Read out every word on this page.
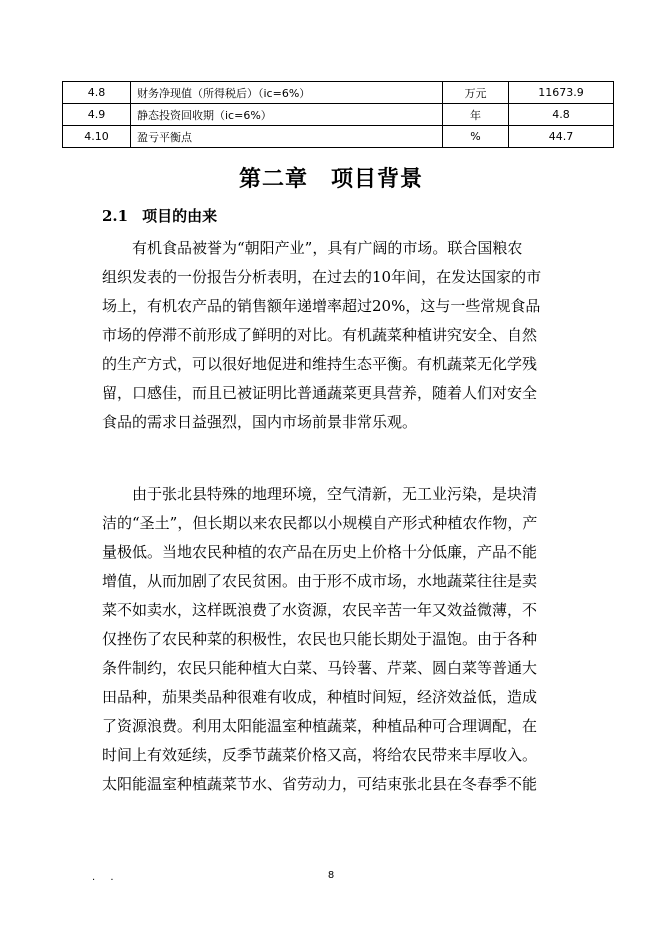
4.8	财务净现值（所得税后）（ic=6%）	万元	11673.9
4.9	静态投资回收期（ic=6%）	年	4.8
4.10	盈亏平衡点	%	44.7
第二章　项目背景
2.1 项目的由来
有机食品被誉为“朝阳产业”，具有广阔的市场。联合国粮农
组织发表的一份报告分析表明，在过去的10年间，在发达国家的市
场上，有机农产品的销售额年递增率超过20%，这与一些常规食品
市场的停滞不前形成了鲜明的对比。有机蔬菜种植讲究安全、自然
的生产方式，可以很好地促进和维持生态平衡。有机蔬菜无化学残
留，口感佳，而且已被证明比普通蔬菜更具营养，随着人们对安全
食品的需求日益强烈，国内市场前景非常乐观。
由于张北县特殊的地理环境，空气清新，无工业污染，是块清
洁的“圣土”，但长期以来农民都以小规模自产形式种植农作物，产
量极低。当地农民种植的农产品在历史上价格十分低廉，产品不能
增值，从而加剧了农民贫困。由于形不成市场，水地蔬菜往往是卖
菜不如卖水，这样既浪费了水资源，农民辛苦一年又效益微薄，不
仅挫伤了农民种菜的积极性，农民也只能长期处于温饱。由于各种
条件制约，农民只能种植大白菜、马铃薯、芹菜、圆白菜等普通大
田品种，茄果类品种很难有收成，种植时间短，经济效益低，造成
了资源浪费。利用太阳能温室种植蔬菜，种植品种可合理调配，在
时间上有效延续，反季节蔬菜价格又高，将给农民带来丰厚收入。
太阳能温室种植蔬菜节水、省劳动力，可结束张北县在冬春季不能
. .	8
